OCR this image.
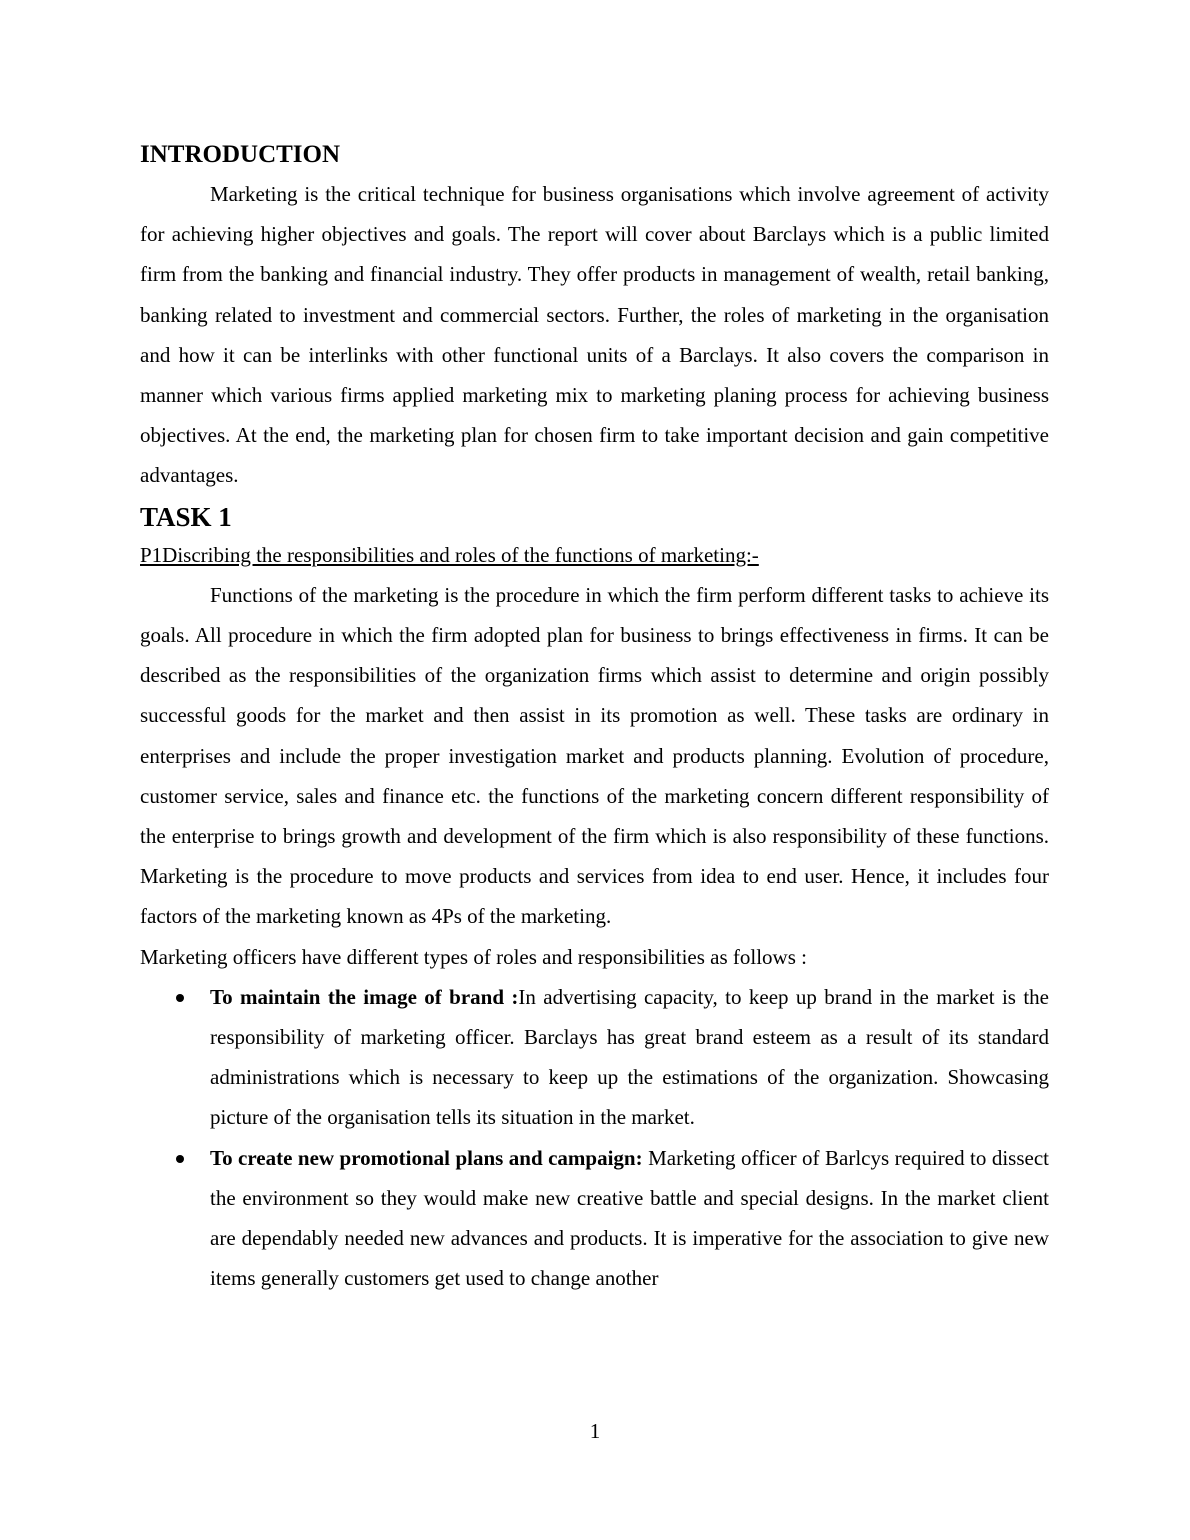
INTRODUCTION

Marketing is the critical technique for business organisations which involve agreement of activity for achieving higher objectives and goals. The report will cover about Barclays which is a public limited firm from the banking and financial industry. They offer products in management of wealth, retail banking, banking related to investment and commercial sectors. Further, the roles of marketing in the organisation and how it can be interlinks with other functional units of a Barclays. It also covers the comparison in manner which various firms applied marketing mix to marketing planing process for achieving business objectives. At the end, the marketing plan for chosen firm to take important decision and gain competitive advantages.

TASK 1

P1Discribing the responsibilities and roles of the functions of marketing:-

Functions of the marketing is the procedure in which the firm perform different tasks to achieve its goals. All procedure in which the firm adopted plan for business to brings effectiveness in firms. It can be described as the responsibilities of the organization firms which assist to determine and origin possibly successful goods for the market and then assist in its promotion as well. These tasks are ordinary in enterprises and include the proper investigation market and products planning. Evolution of procedure, customer service, sales and finance etc. the functions of the marketing concern different responsibility of the enterprise to brings growth and development of the firm which is also responsibility of these functions. Marketing is the procedure to move products and services from idea to end user. Hence, it includes four factors of the marketing known as 4Ps of the marketing.

Marketing officers have different types of roles and responsibilities as follows :

To maintain the image of brand :In advertising capacity, to keep up brand in the market is the responsibility of marketing officer. Barclays has great brand esteem as a result of its standard administrations which is necessary to keep up the estimations of the organization. Showcasing picture of the organisation tells its situation in the market.

To create new promotional plans and campaign: Marketing officer of Barlcys required to dissect the environment so they would make new creative battle and special designs. In the market client are dependably needed new advances and products. It is imperative for the association to give new items generally customers get used to change another

1
